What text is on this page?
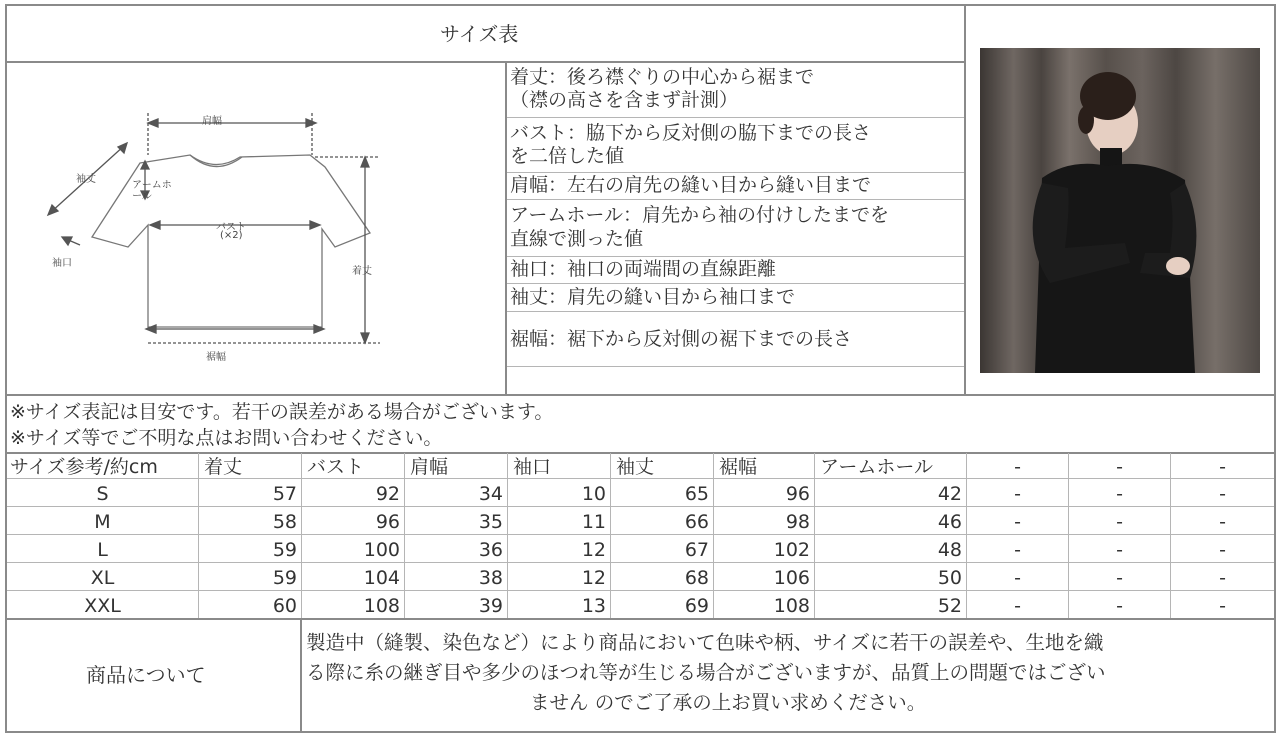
サイズ表
肩幅
袖丈
アームホール
バスト
(×2)
袖口
着丈
裾幅
着丈：後ろ襟ぐりの中心から裾まで
（襟の高さを含まず計測）
バスト：脇下から反対側の脇下までの長さ
を二倍した値
肩幅：左右の肩先の縫い目から縫い目まで
アームホール：肩先から袖の付けしたまでを
直線で測った値
袖口：袖口の両端間の直線距離
袖丈：肩先の縫い目から袖口まで
裾幅：裾下から反対側の裾下までの長さ
※サイズ表記は目安です。若干の誤差がある場合がございます。
※サイズ等でご不明な点はお問い合わせください。
サイズ参考/約cm 着丈	バスト 肩幅	袖口	袖丈	裾幅	アームホール	-	-	-
S	57	92	34	10	65	96	42	-	-	-
M	58	96	35	11	66	98	46	-	-	-
L	59	100	36	12	67	102	48	-	-	-
XL	59	104	38	12	68	106	50	-	-	-
XXL	60	108	39	13	69	108	52	-	-	-
商品について
製造中（縫製、染色など）により商品において色味や柄、サイズに若干の誤差や、生地を織
る際に糸の継ぎ目や多少のほつれ等が生じる場合がございますが、品質上の問題ではござい
ません のでご了承の上お買い求めください。
